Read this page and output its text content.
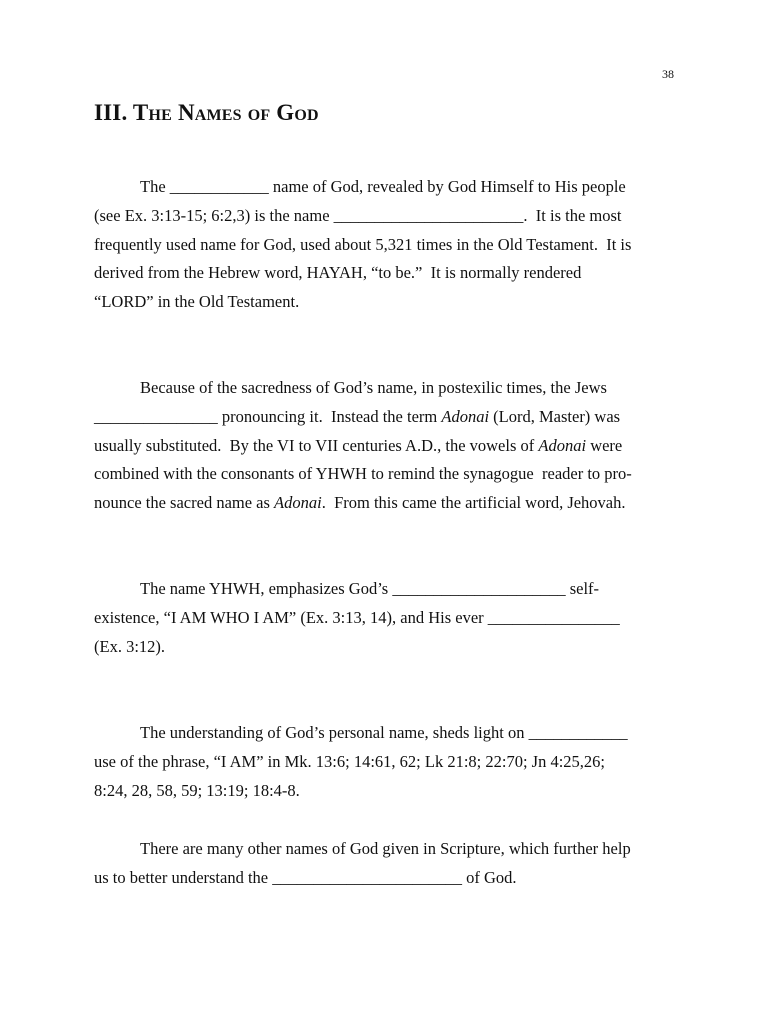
38
III. The Names of God
The ____________ name of God, revealed by God Himself to His people
(see Ex. 3:13-15; 6:2,3) is the name _______________________.  It is the most
frequently used name for God, used about 5,321 times in the Old Testament.  It is
derived from the Hebrew word, HAYAH, “to be.”  It is normally rendered
“LORD” in the Old Testament.
Because of the sacredness of God’s name, in postexilic times, the Jews
_______________ pronouncing it.  Instead the term Adonai (Lord, Master) was
usually substituted.  By the VI to VII centuries A.D., the vowels of Adonai were
combined with the consonants of YHWH to remind the synagogue  reader to pro-
nounce the sacred name as Adonai.  From this came the artificial word, Jehovah.
The name YHWH, emphasizes God’s _____________________ self-
existence, “I AM WHO I AM” (Ex. 3:13, 14), and His ever ________________
(Ex. 3:12).
The understanding of God’s personal name, sheds light on ____________
use of the phrase, “I AM” in Mk. 13:6; 14:61, 62; Lk 21:8; 22:70; Jn 4:25,26;
8:24, 28, 58, 59; 13:19; 18:4-8.
There are many other names of God given in Scripture, which further help
us to better understand the _______________________ of God.
